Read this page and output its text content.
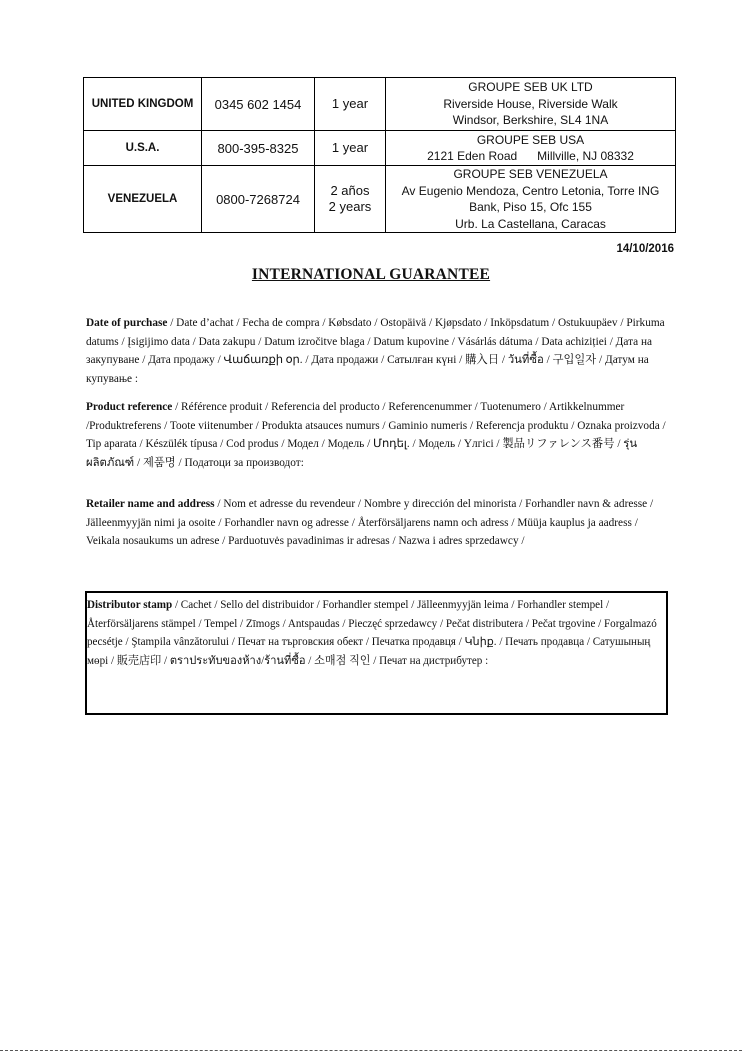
UNITED KINGDOM	0345 602 1454	1 year	GROUPE SEB UK LTD
Riverside House, Riverside Walk
Windsor, Berkshire, SL4 1NA

U.S.A.	800-395-8325	1 year	GROUPE SEB USA
2121 Eden Road      Millville, NJ 08332

VENEZUELA	0800-7268724	2 años
2 years	GROUPE SEB VENEZUELA
Av Eugenio Mendoza, Centro Letonia, Torre ING
Bank, Piso 15, Ofc 155
Urb. La Castellana, Caracas
14/10/2016
INTERNATIONAL GUARANTEE
Date of purchase / Date d’achat / Fecha de compra / Købsdato / Ostopäivä / Kjøpsdato / Inköpsdatum / Ostukuupäev / Pirkuma datums / Įsigijimo data / Data zakupu / Datum izročitve blaga / Datum kupovine / Vásárlás dátuma / Data achiziției / Дата на закупуване / Дата продажу / Վաճառքի օր. / Дата продажи / Сатылған күні / 購入日 / วันที่ซื้อ / 구입일자 / Датум на купување :
Product reference / Référence produit / Referencia del producto / Referencenummer / Tuotenumero / Artikkelnummer /Produktreferens / Toote viitenumber / Produkta atsauces numurs / Gaminio numeris / Referencja produktu / Oznaka proizvoda / Tip aparata / Készülék típusa / Cod produs / Модел / Модель / Մոդել. / Модель / Үлгісі / 製品リファレンス番号 / รุ่นผลิตภัณฑ์ / 제품명 / Податоци за производот:
Retailer name and address / Nom et adresse du revendeur / Nombre y dirección del minorista / Forhandler navn & adresse / Jälleenmyyjän nimi ja osoite / Forhandler navn og adresse / Återförsäljarens namn och adress / Müüja kauplus ja aadress / Veikala nosaukums un adrese / Parduotuvės pavadinimas ir adresas / Nazwa i adres sprzedawcy /
Distributor stamp / Cachet / Sello del distribuidor / Forhandler stempel / Jälleenmyyjän leima / Forhandler stempel / Återförsäljarens stämpel / Tempel / Zīmogs / Antspaudas / Pieczęć sprzedawcy / Pečat distributera / Pečat trgovine / Forgalmazó pecsétje / Ştampila vânzătorului / Печат на търговския обект / Печатка продавця / Կնիք. / Печать продавца / Сатушының мөрі / 販売店印 / ตราประทับของห้าง/ร้านที่ซื้อ / 소매점 직인 / Печат на дистрибутер :
